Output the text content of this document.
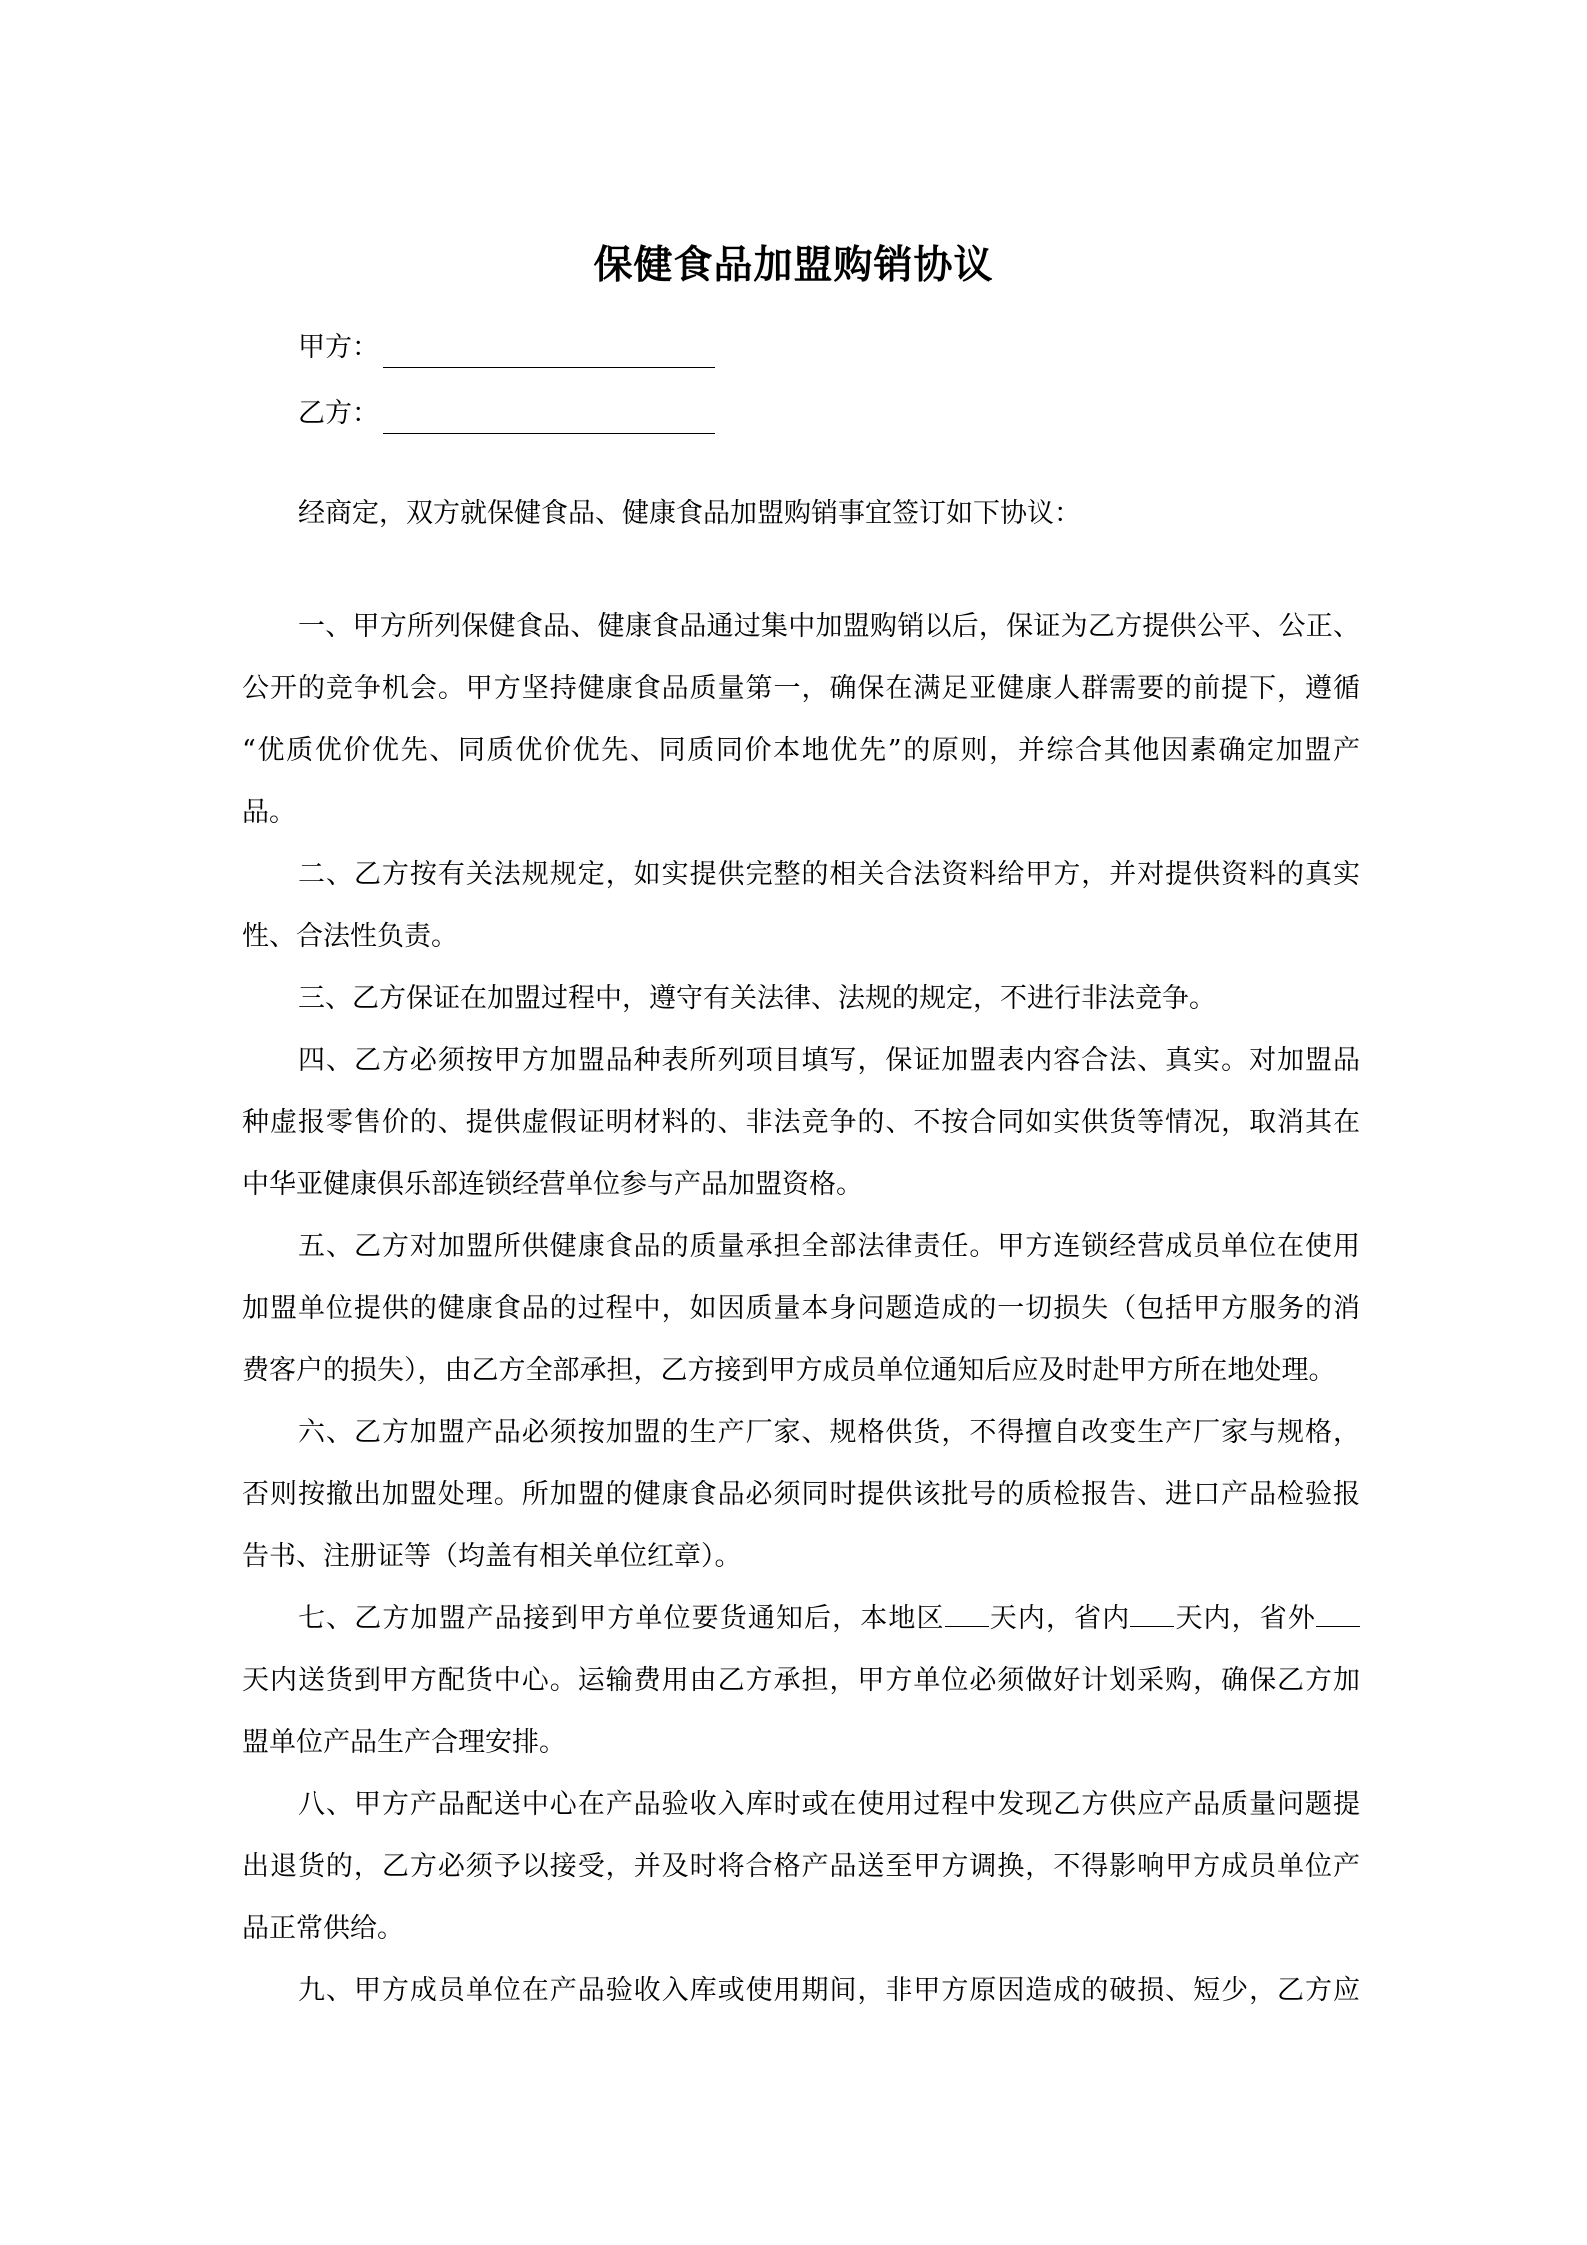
保健食品加盟购销协议
甲方：
乙方：
经商定，双方就保健食品、健康食品加盟购销事宜签订如下协议：
一、甲方所列保健食品、健康食品通过集中加盟购销以后，保证为乙方提供公平、公正、
公开的竞争机会。甲方坚持健康食品质量第一，确保在满足亚健康人群需要的前提下，遵循
“优质优价优先、同质优价优先、同质同价本地优先”的原则，并综合其他因素确定加盟产
品。
二、乙方按有关法规规定，如实提供完整的相关合法资料给甲方，并对提供资料的真实
性、合法性负责。
三、乙方保证在加盟过程中，遵守有关法律、法规的规定，不进行非法竞争。
四、乙方必须按甲方加盟品种表所列项目填写，保证加盟表内容合法、真实。对加盟品
种虚报零售价的、提供虚假证明材料的、非法竞争的、不按合同如实供货等情况，取消其在
中华亚健康俱乐部连锁经营单位参与产品加盟资格。
五、乙方对加盟所供健康食品的质量承担全部法律责任。甲方连锁经营成员单位在使用
加盟单位提供的健康食品的过程中，如因质量本身问题造成的一切损失（包括甲方服务的消
费客户的损失），由乙方全部承担，乙方接到甲方成员单位通知后应及时赴甲方所在地处理。
六、乙方加盟产品必须按加盟的生产厂家、规格供货，不得擅自改变生产厂家与规格，
否则按撤出加盟处理。所加盟的健康食品必须同时提供该批号的质检报告、进口产品检验报
告书、注册证等（均盖有相关单位红章）。
七、乙方加盟产品接到甲方单位要货通知后，本地区 天内，省内 天内，省外
天内送货到甲方配货中心。运输费用由乙方承担，甲方单位必须做好计划采购，确保乙方加
盟单位产品生产合理安排。
八、甲方产品配送中心在产品验收入库时或在使用过程中发现乙方供应产品质量问题提
出退货的，乙方必须予以接受，并及时将合格产品送至甲方调换，不得影响甲方成员单位产
品正常供给。
九、甲方成员单位在产品验收入库或使用期间，非甲方原因造成的破损、短少，乙方应
